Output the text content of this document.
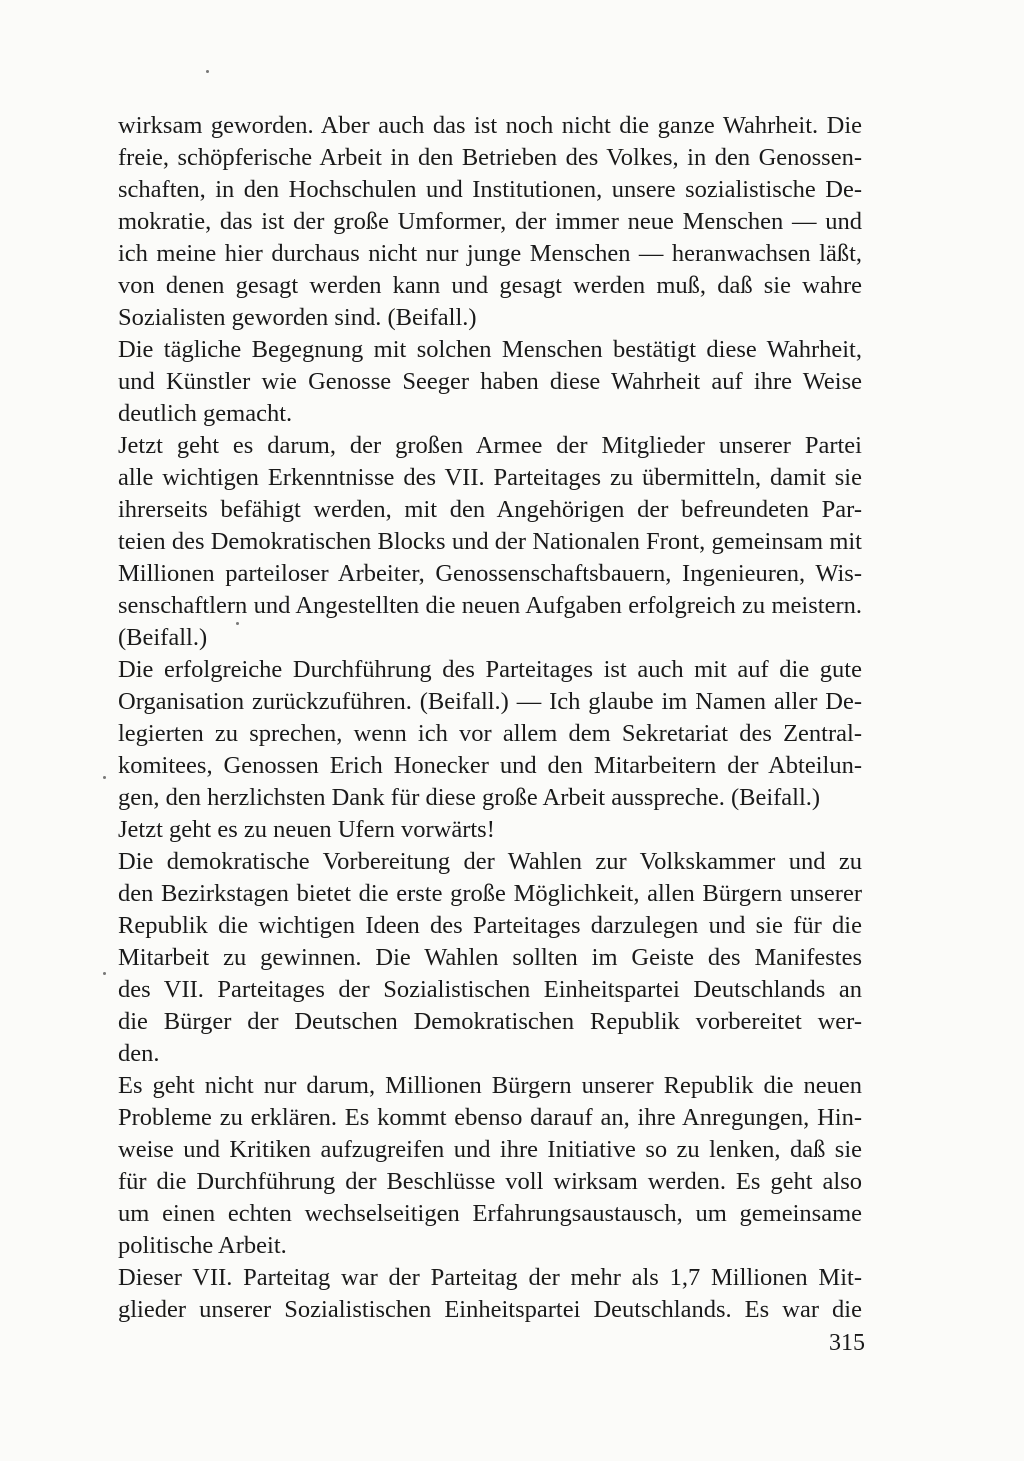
wirksam geworden. Aber auch das ist noch nicht die ganze Wahrheit. Die
freie, schöpferische Arbeit in den Betrieben des Volkes, in den Genossen-
schaften, in den Hochschulen und Institutionen, unsere sozialistische De-
mokratie, das ist der große Umformer, der immer neue Menschen — und
ich meine hier durchaus nicht nur junge Menschen — heranwachsen läßt,
von denen gesagt werden kann und gesagt werden muß, daß sie wahre
Sozialisten geworden sind. (Beifall.)
Die tägliche Begegnung mit solchen Menschen bestätigt diese Wahrheit,
und Künstler wie Genosse Seeger haben diese Wahrheit auf ihre Weise
deutlich gemacht.
Jetzt geht es darum, der großen Armee der Mitglieder unserer Partei
alle wichtigen Erkenntnisse des VII. Parteitages zu übermitteln, damit sie
ihrerseits befähigt werden, mit den Angehörigen der befreundeten Par-
teien des Demokratischen Blocks und der Nationalen Front, gemeinsam mit
Millionen parteiloser Arbeiter, Genossenschaftsbauern, Ingenieuren, Wis-
senschaftlern und Angestellten die neuen Aufgaben erfolgreich zu meistern.
(Beifall.)
Die erfolgreiche Durchführung des Parteitages ist auch mit auf die gute
Organisation zurückzuführen. (Beifall.) — Ich glaube im Namen aller De-
legierten zu sprechen, wenn ich vor allem dem Sekretariat des Zentral-
komitees, Genossen Erich Honecker und den Mitarbeitern der Abteilun-
gen, den herzlichsten Dank für diese große Arbeit ausspreche. (Beifall.)
Jetzt geht es zu neuen Ufern vorwärts!
Die demokratische Vorbereitung der Wahlen zur Volkskammer und zu
den Bezirkstagen bietet die erste große Möglichkeit, allen Bürgern unserer
Republik die wichtigen Ideen des Parteitages darzulegen und sie für die
Mitarbeit zu gewinnen. Die Wahlen sollten im Geiste des Manifestes
des VII. Parteitages der Sozialistischen Einheitspartei Deutschlands an
die Bürger der Deutschen Demokratischen Republik vorbereitet wer-
den.
Es geht nicht nur darum, Millionen Bürgern unserer Republik die neuen
Probleme zu erklären. Es kommt ebenso darauf an, ihre Anregungen, Hin-
weise und Kritiken aufzugreifen und ihre Initiative so zu lenken, daß sie
für die Durchführung der Beschlüsse voll wirksam werden. Es geht also
um einen echten wechselseitigen Erfahrungsaustausch, um gemeinsame
politische Arbeit.
Dieser VII. Parteitag war der Parteitag der mehr als 1,7 Millionen Mit-
glieder unserer Sozialistischen Einheitspartei Deutschlands. Es war die
315
